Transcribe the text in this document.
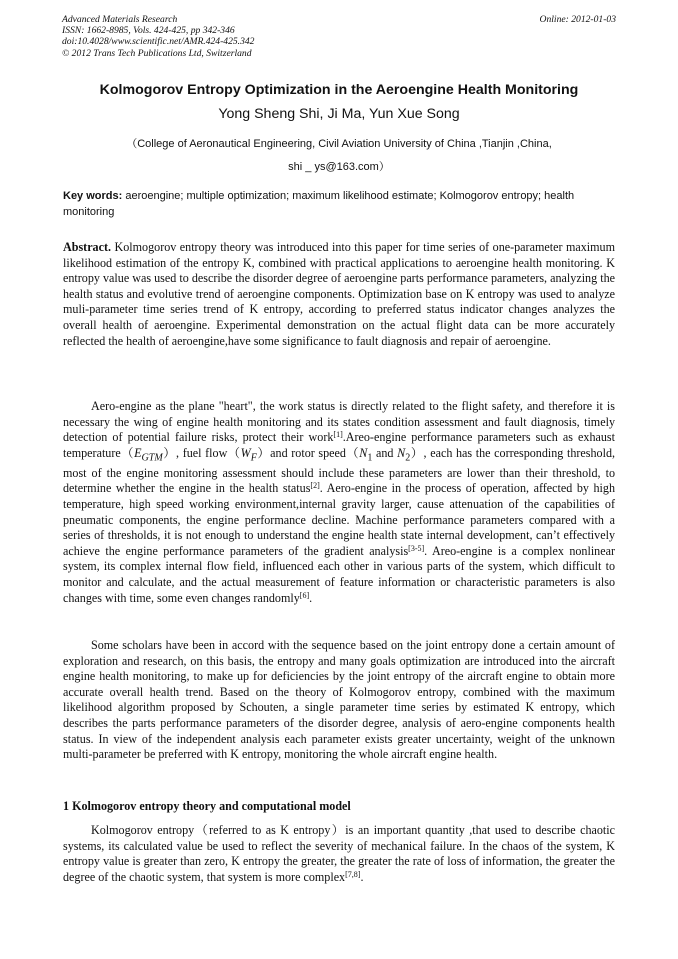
Advanced Materials Research
ISSN: 1662-8985, Vols. 424-425, pp 342-346
doi:10.4028/www.scientific.net/AMR.424-425.342
© 2012 Trans Tech Publications Ltd, Switzerland
Online: 2012-01-03
Kolmogorov Entropy Optimization in the Aeroengine Health Monitoring
Yong Sheng Shi, Ji Ma, Yun Xue Song
（College of Aeronautical Engineering, Civil Aviation University of China ,Tianjin ,China,
shi _ ys@163.com）
Key words: aeroengine; multiple optimization; maximum likelihood estimate; Kolmogorov entropy; health monitoring
Abstract. Kolmogorov entropy theory was introduced into this paper for time series of one-parameter maximum likelihood estimation of the entropy K, combined with practical applications to aeroengine health monitoring. K entropy value was used to describe the disorder degree of aeroengine parts performance parameters, analyzing the health status and evolutive trend of aeroengine components. Optimization base on K entropy was used to analyze muli-parameter time series trend of K entropy, according to preferred status indicator changes analyzes the overall health of aeroengine. Experimental demonstration on the actual flight data can be more accurately reflected the health of aeroengine,have some significance to fault diagnosis and repair of aeroengine.

Aero-engine as the plane "heart", the work status is directly related to the flight safety, and therefore it is necessary the wing of engine health monitoring and its states condition assessment and fault diagnosis, timely detection of potential failure risks, protect their work[1].Areo-engine performance parameters such as exhaust $temperature(E_{GTM})$, fuel $flow(W_F)and$ rotor $speed(N_1$ and $N_2$）, each has the corresponding threshold, most of the engine monitoring assessment should include these parameters are lower than their threshold, to determine whether the engine in the health status[2]. Aero-engine in the process of operation, affected by high temperature, high speed working environment,internal gravity larger, cause attenuation of the capabilities of pneumatic components, the engine performance decline. Machine performance parameters compared with a series of thresholds, it is not enough to understand the engine health state internal development, can’t effectively achieve the engine performance parameters of the gradient analysis[3-5]. Areo-engine is a complex nonlinear system, its complex internal flow field, influenced each other in various parts of the system, which difficult to monitor and calculate, and the actual measurement of feature information or characteristic parameters is also changes with time, some even changes randomly[6].

Some scholars have been in accord with the sequence based on the joint entropy done a certain amount of exploration and research, on this basis, the entropy and many goals optimization are introduced into the aircraft engine health monitoring, to make up for deficiencies by the joint entropy of the aircraft engine to obtain more accurate overall health trend. Based on the theory of Kolmogorov entropy, combined with the maximum likelihood algorithm proposed by Schouten, a single parameter time series by estimated K entropy, which describes the parts performance parameters of the disorder degree, analysis of aero-engine components health status. In view of the independent analysis each parameter exists greater uncertainty, weight of the unknown multi-parameter be preferred with K entropy, monitoring the whole aircraft engine health.

1 Kolmogorov entropy theory and computational model

Kolmogorov entropy（referred to as K entropy）is an important quantity ,that used to describe chaotic systems, its calculated value be used to reflect the severity of mechanical failure. In the chaos of the system, K entropy value is greater than zero, K entropy the greater, the greater the rate of loss of information, the greater the degree of the chaotic system, that system is more complex[7,8].
